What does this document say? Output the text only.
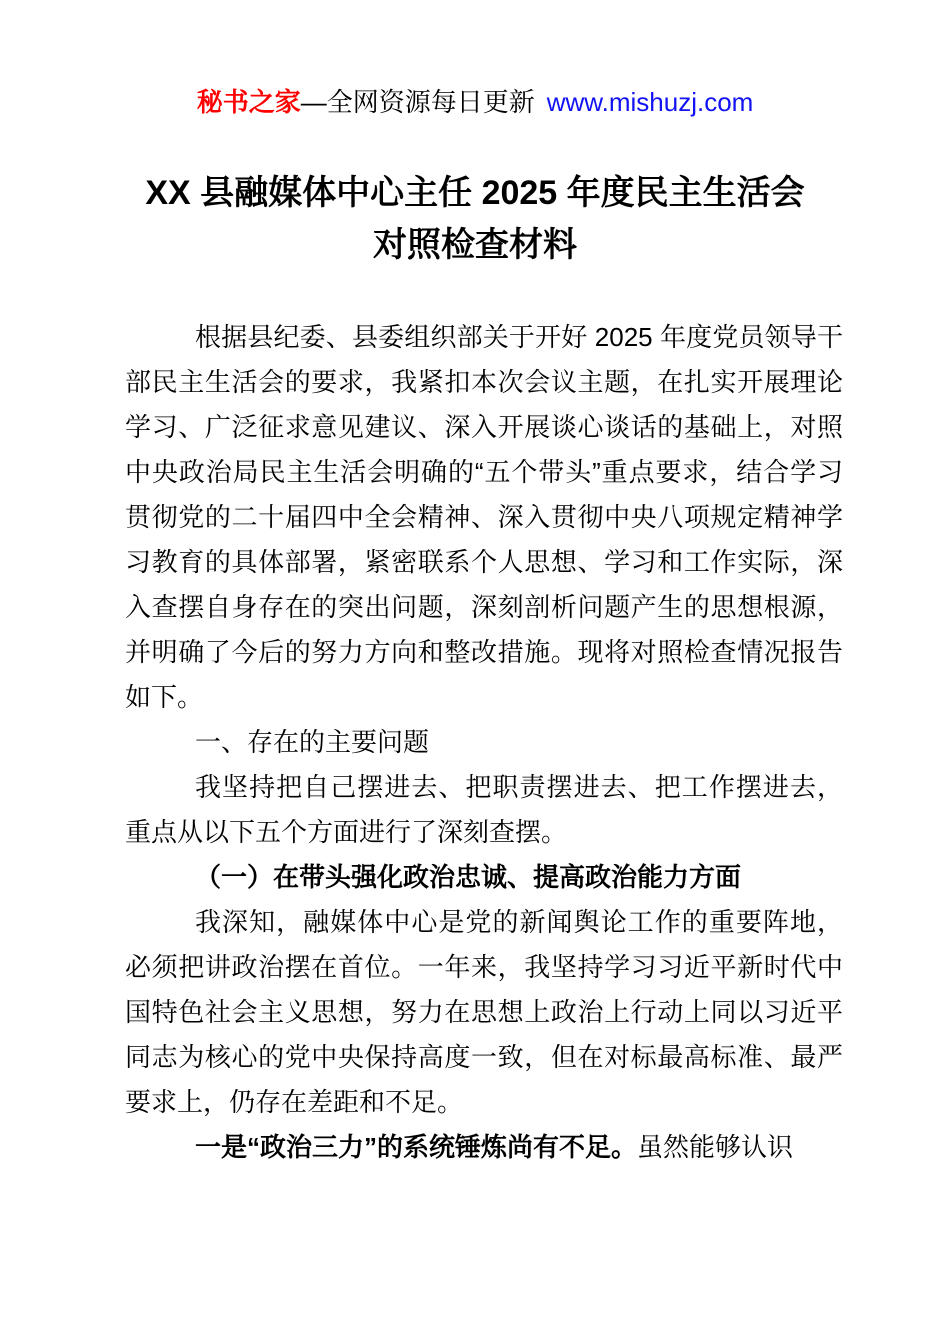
秘书之家—全网资源每日更新 www.mishuzj.com
XX 县融媒体中心主任 2025 年度民主生活会
对照检查材料

根据县纪委、县委组织部关于开好 2025 年度党员领导干部民主生活会的要求，我紧扣本次会议主题，在扎实开展理论学习、广泛征求意见建议、深入开展谈心谈话的基础上，对照中央政治局民主生活会明确的“五个带头”重点要求，结合学习贯彻党的二十届四中全会精神、深入贯彻中央八项规定精神学习教育的具体部署，紧密联系个人思想、学习和工作实际，深入查摆自身存在的突出问题，深刻剖析问题产生的思想根源，并明确了今后的努力方向和整改措施。现将对照检查情况报告如下。

一、存在的主要问题

我坚持把自己摆进去、把职责摆进去、把工作摆进去，重点从以下五个方面进行了深刻查摆。

（一）在带头强化政治忠诚、提高政治能力方面

我深知，融媒体中心是党的新闻舆论工作的重要阵地，必须把讲政治摆在首位。一年来，我坚持学习习近平新时代中国特色社会主义思想，努力在思想上政治上行动上同以习近平同志为核心的党中央保持高度一致，但在对标最高标准、最严要求上，仍存在差距和不足。

一是“政治三力”的系统锤炼尚有不足。虽然能够认识
